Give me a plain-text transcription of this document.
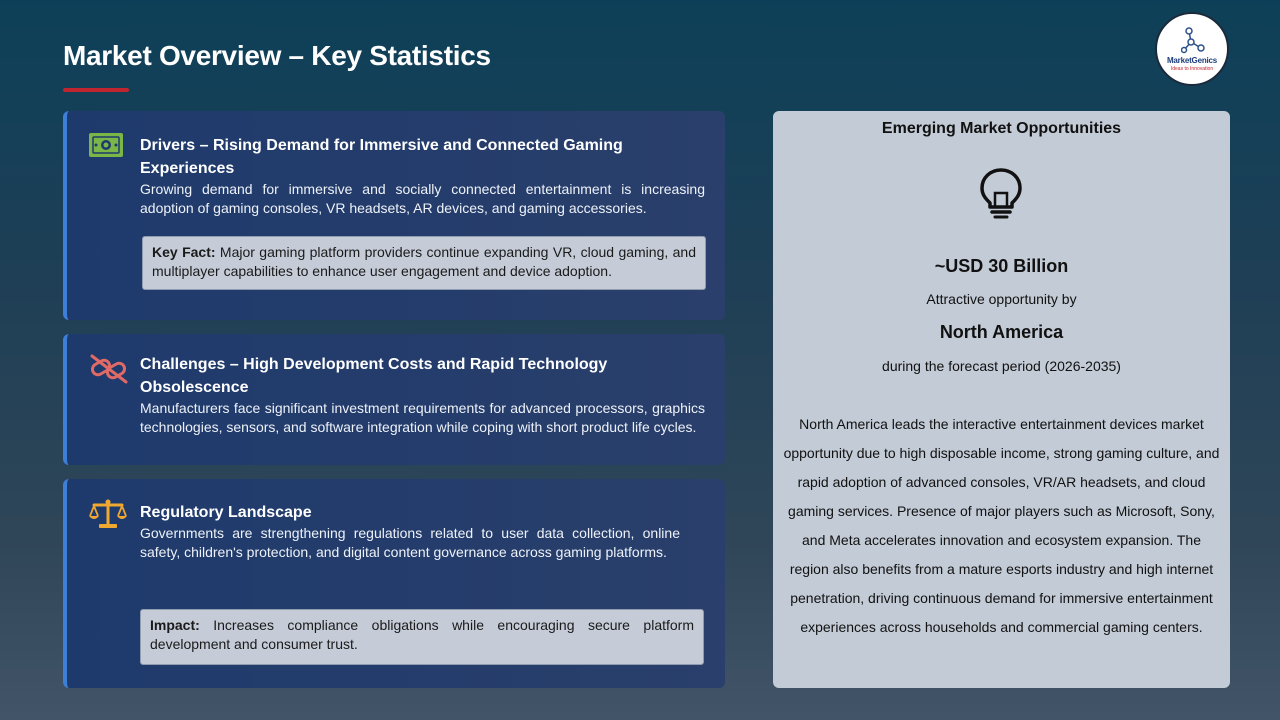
Market Overview – Key Statistics	MarketGenics
Ideas to Innovation
Drivers – Rising Demand for Immersive and Connected Gaming Experiences
Growing demand for immersive and socially connected entertainment is increasing adoption of gaming consoles, VR headsets, AR devices, and gaming accessories.
Key Fact: Major gaming platform providers continue expanding VR, cloud gaming, and multiplayer capabilities to enhance user engagement and device adoption.
Challenges – High Development Costs and Rapid Technology Obsolescence
Manufacturers face significant investment requirements for advanced processors, graphics technologies, sensors, and software integration while coping with short product life cycles.
Regulatory Landscape
Governments are strengthening regulations related to user data collection, online safety, children's protection, and digital content governance across gaming platforms.
Impact: Increases compliance obligations while encouraging secure platform development and consumer trust.
Emerging Market Opportunities
~USD 30 Billion
Attractive opportunity by
North America
during the forecast period (2026-2035)
North America leads the interactive entertainment devices market opportunity due to high disposable income, strong gaming culture, and rapid adoption of advanced consoles, VR/AR headsets, and cloud gaming services. Presence of major players such as Microsoft, Sony, and Meta accelerates innovation and ecosystem expansion. The region also benefits from a mature esports industry and high internet penetration, driving continuous demand for immersive entertainment experiences across households and commercial gaming centers.
